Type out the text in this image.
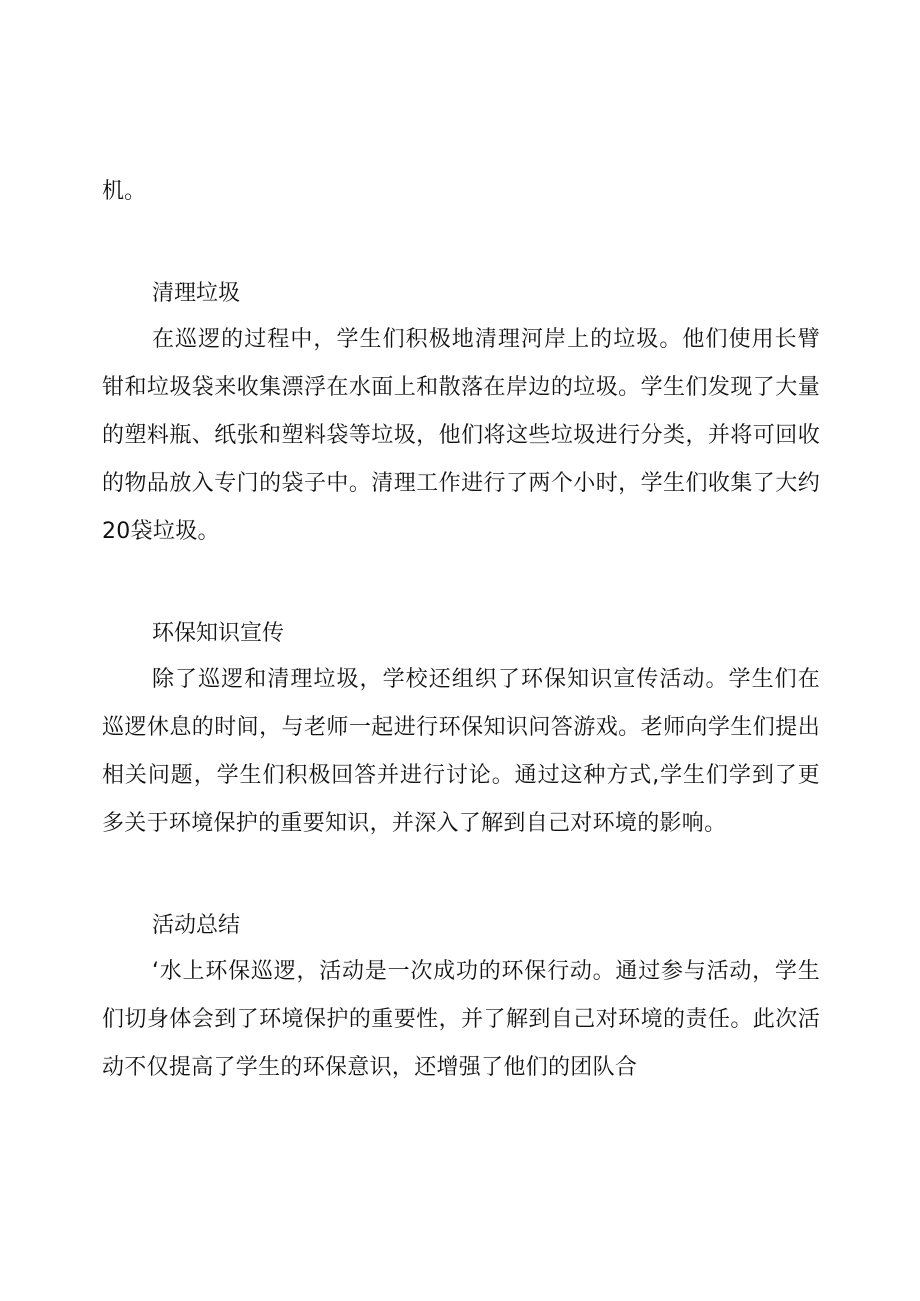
机。
清理垃圾

在巡逻的过程中，学生们积极地清理河岸上的垃圾。他们使用长臂钳和垃圾袋来收集漂浮在水面上和散落在岸边的垃圾。学生们发现了大量的塑料瓶、纸张和塑料袋等垃圾，他们将这些垃圾进行分类，并将可回收的物品放入专门的袋子中。清理工作进行了两个小时，学生们收集了大约20袋垃圾。

环保知识宣传

除了巡逻和清理垃圾，学校还组织了环保知识宣传活动。学生们在巡逻休息的时间，与老师一起进行环保知识问答游戏。老师向学生们提出相关问题，学生们积极回答并进行讨论。通过这种方式,学生们学到了更多关于环境保护的重要知识，并深入了解到自己对环境的影响。

活动总结

‘水上环保巡逻，活动是一次成功的环保行动。通过参与活动，学生们切身体会到了环境保护的重要性，并了解到自己对环境的责任。此次活动不仅提高了学生的环保意识，还增强了他们的团队合
